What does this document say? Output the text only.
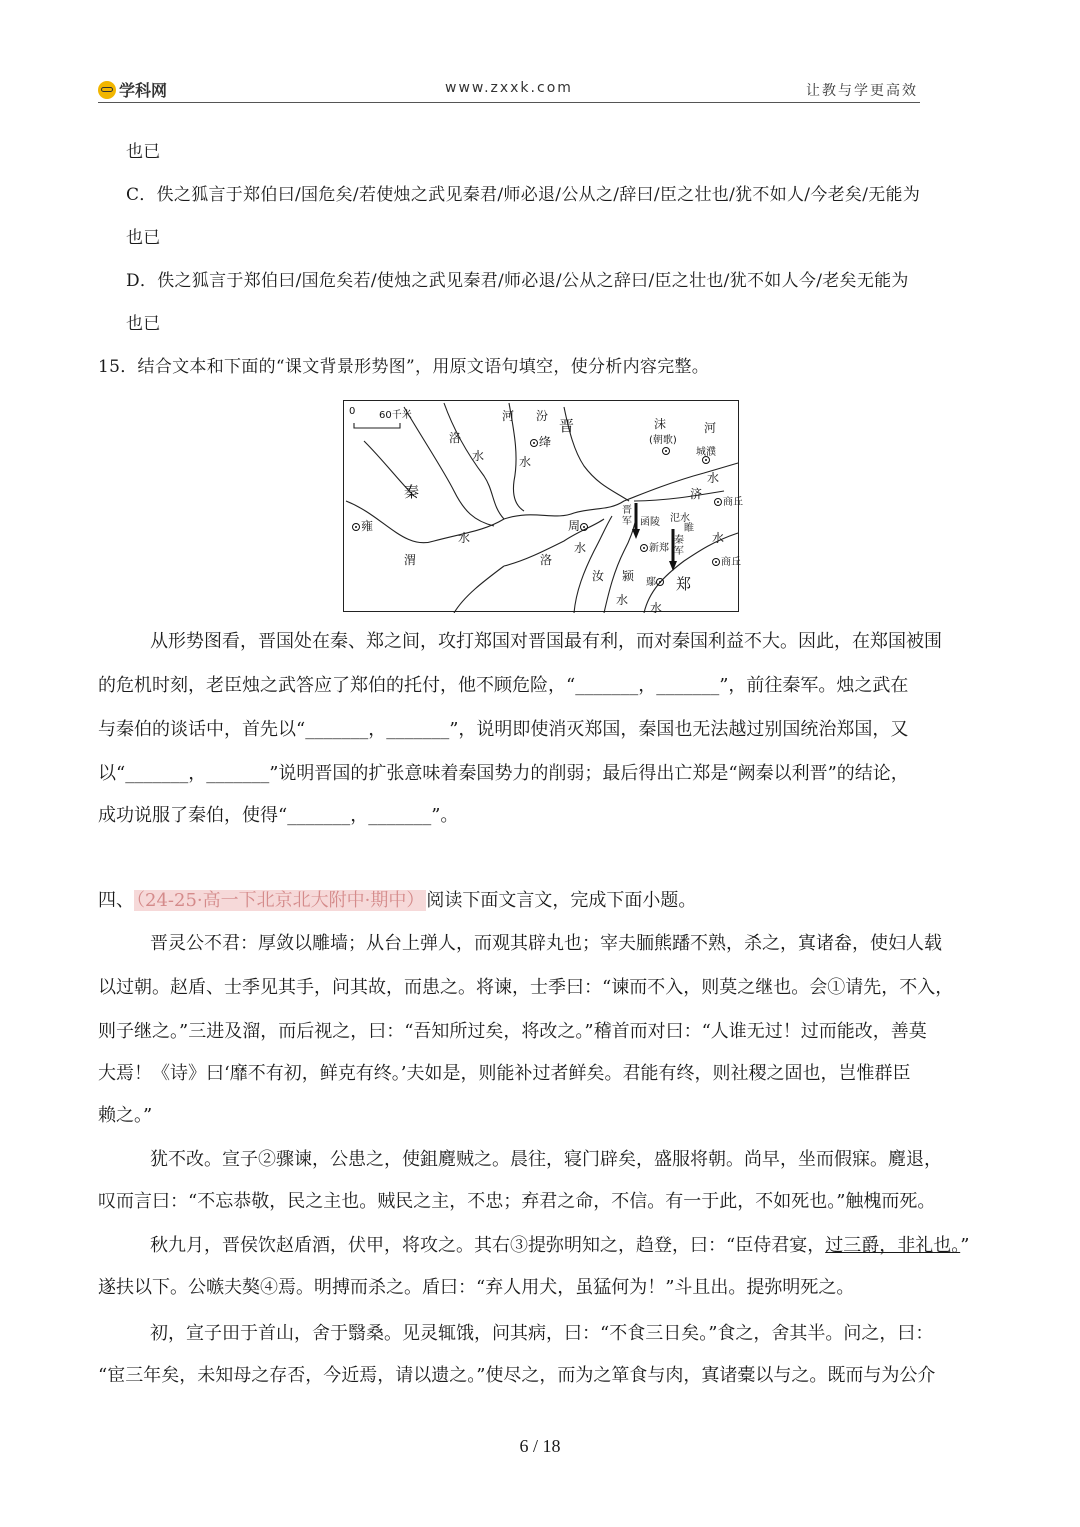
学科网	www.zxxk.com	让教与学更高效
也已
C．佚之狐言于郑伯曰/国危矣/若使烛之武见秦君/师必退/公从之/辞曰/臣之壮也/犹不如人/今老矣/无能为
也已
D．佚之狐言于郑伯曰/国危矣若/使烛之武见秦君/师必退/公从之辞曰/臣之壮也/犹不如人今/老矣无能为
也已
15．结合文本和下面的“课文背景形势图”，用原文语句填空，使分析内容完整。
0 60千米
晋
秦
郑
河 汾
绛
洛
水	水
沫
(朝歌)
河
城濮
水
济
商丘
雍
渭
水
周
洛
水
晋军 函陵 氾水
睢
新郑
秦军
水
商丘
汝 颍 鄢
水
水
从形势图看，晋国处在秦、郑之间，攻打郑国对晋国最有利，而对秦国利益不大。因此，在郑国被围
的危机时刻，老臣烛之武答应了郑伯的托付，他不顾危险，“_______，_______”，前往秦军。烛之武在
与秦伯的谈话中，首先以“_______，_______”，说明即使消灭郑国，秦国也无法越过别国统治郑国，又
以“_______，_______”说明晋国的扩张意味着秦国势力的削弱；最后得出亡郑是“阙秦以利晋”的结论，
成功说服了秦伯，使得“_______，_______”。
四、 （24-25·高一下北京北大附中·期中） 阅读下面文言文，完成下面小题。
晋灵公不君：厚敛以雕墙；从台上弹人，而观其辟丸也；宰夫胹熊蹯不熟，杀之，寘诸畚，使妇人载
以过朝。赵盾、士季见其手，问其故，而患之。将谏，士季曰：“谏而不入，则莫之继也。会①请先，不入，
则子继之。”三进及溜，而后视之，曰：“吾知所过矣，将改之。”稽首而对曰：“人谁无过！过而能改，善莫
大焉！《诗》曰‘靡不有初，鲜克有终。’夫如是，则能补过者鲜矣。君能有终，则社稷之固也，岂惟群臣
赖之。”
犹不改。宣子②骤谏，公患之，使鉏麑贼之。晨往，寝门辟矣，盛服将朝。尚早，坐而假寐。麑退，
叹而言曰：“不忘恭敬，民之主也。贼民之主，不忠；弃君之命，不信。有一于此，不如死也。”触槐而死。
秋九月，晋侯饮赵盾酒，伏甲，将攻之。其右③提弥明知之，趋登，曰：“臣侍君宴，过三爵，非礼也。”
遂扶以下。公嗾夫獒④焉。明搏而杀之。盾曰：“弃人用犬，虽猛何为！”斗且出。提弥明死之。
初，宣子田于首山，舍于翳桑。见灵辄饿，问其病，曰：“不食三日矣。”食之，舍其半。问之，曰：
“宦三年矣，未知母之存否，今近焉，请以遗之。”使尽之，而为之箪食与肉，寘诸橐以与之。既而与为公介
6 / 18
